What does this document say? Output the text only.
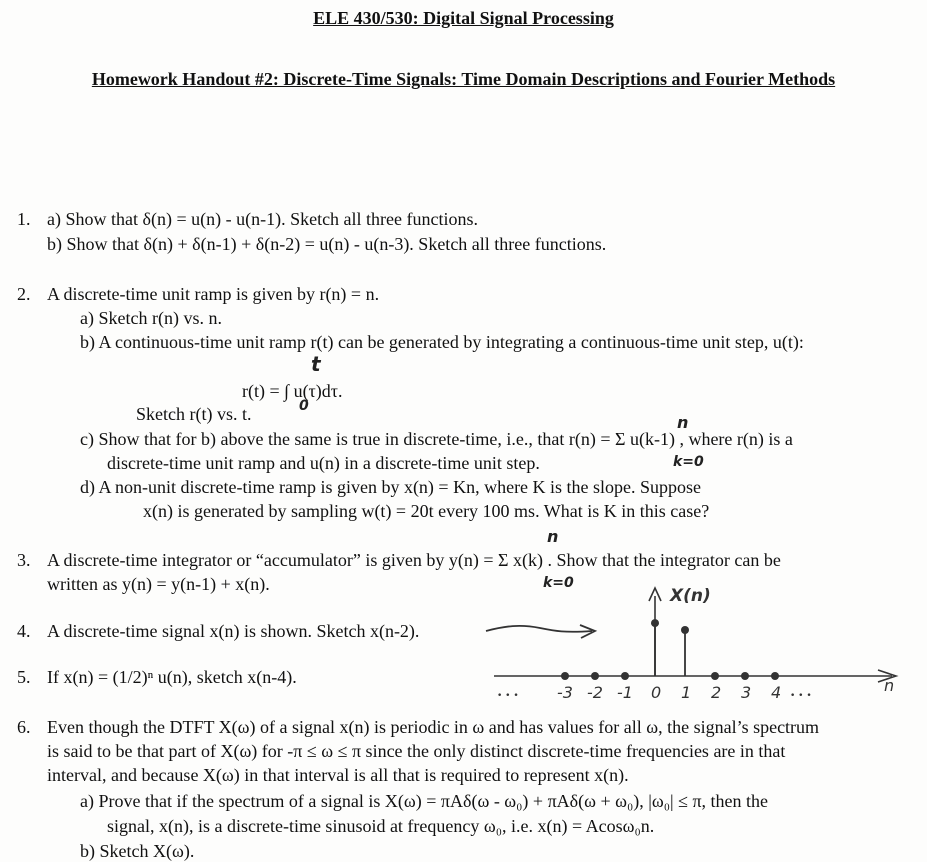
ELE 430/530: Digital Signal Processing
Homework Handout #2: Discrete-Time Signals: Time Domain Descriptions and Fourier Methods
1. a) Show that δ(n) = u(n) - u(n-1). Sketch all three functions.
b) Show that δ(n) + δ(n-1) + δ(n-2) = u(n) - u(n-3). Sketch all three functions.
2. A discrete-time unit ramp is given by r(n) = n.
a) Sketch r(n) vs. n.
b) A continuous-time unit ramp r(t) can be generated by integrating a continuous-time unit step, u(t):
t
r(t) = ∫ u(τ)dτ.
0
Sketch r(t) vs. t.	n
c) Show that for b) above the same is true in discrete-time, i.e., that r(n) = Σ u(k-1) , where r(n) is a
discrete-time unit ramp and u(n) in a discrete-time unit step.	k=0
d) A non-unit discrete-time ramp is given by x(n) = Kn, where K is the slope. Suppose
x(n) is generated by sampling w(t) = 20t every 100 ms. What is K in this case?
n
3. A discrete-time integrator or “accumulator” is given by y(n) = Σ x(k) . Show that the integrator can be
written as y(n) = y(n-1) + x(n).	k=0
4. A discrete-time signal x(n) is shown. Sketch x(n-2).
5. If x(n) = (1/2)ⁿ u(n), sketch x(n-4).
6. Even though the DTFT X(ω) of a signal x(n) is periodic in ω and has values for all ω, the signal’s spectrum
is said to be that part of X(ω) for -π ≤ ω ≤ π since the only distinct discrete-time frequencies are in that
interval, and because X(ω) in that interval is all that is required to represent x(n).
a) Prove that if the spectrum of a signal is X(ω) = πAδ(ω - ω₀) + πAδ(ω + ω₀), |ω₀| ≤ π, then the
signal, x(n), is a discrete-time sinusoid at frequency ω₀, i.e. x(n) = Acosω₀n.
b) Sketch X(ω).
X(n)
n
• • •	• • •
-3 -2 -1 0 1 2 3 4
